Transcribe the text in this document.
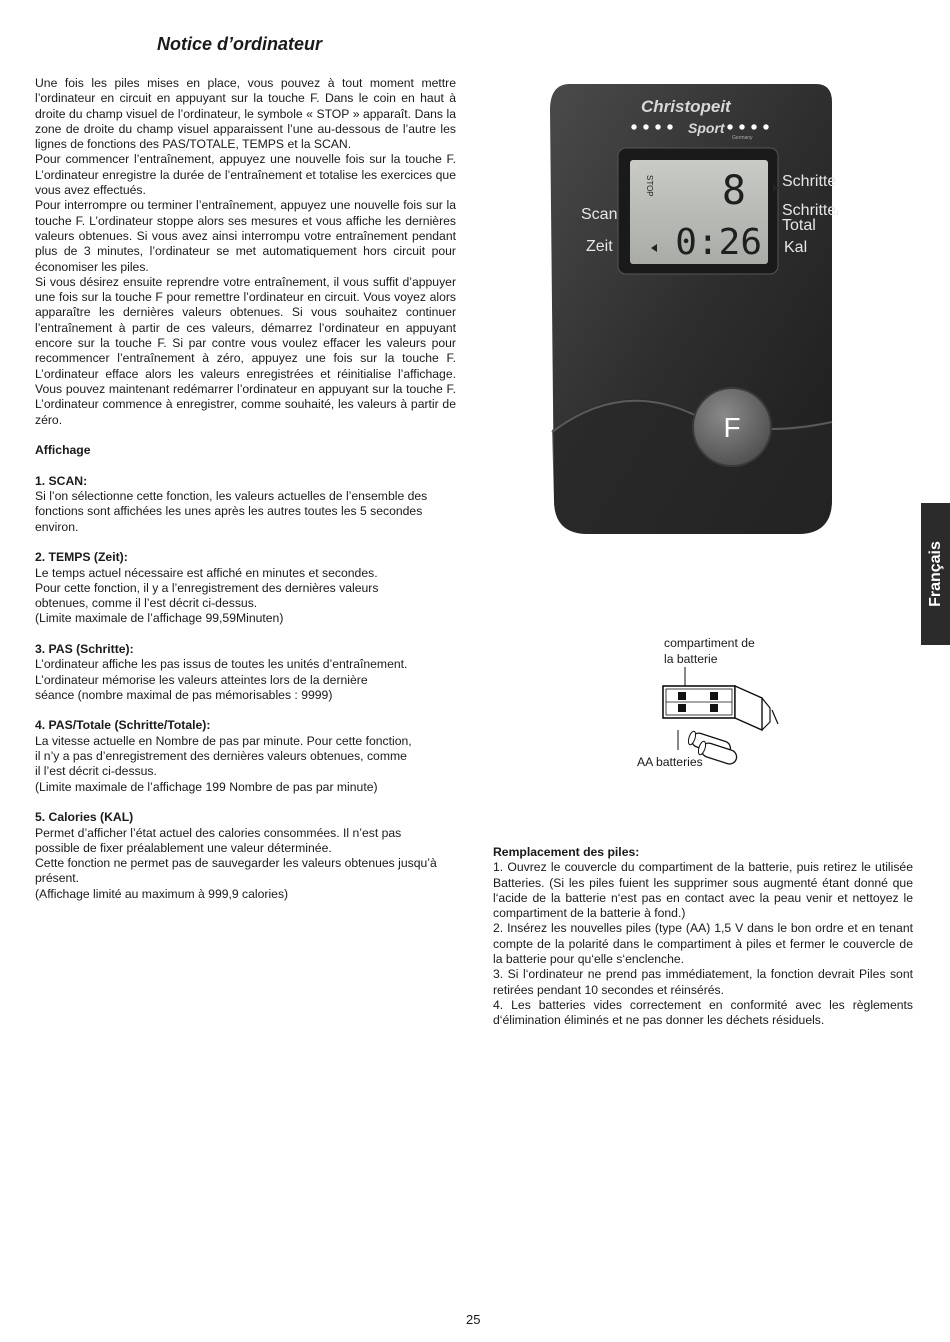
Notice d’ordinateur

Une fois les piles mises en place, vous pouvez à tout moment mettre l’ordinateur en circuit en appuyant sur la touche F. Dans le coin en haut à droite du champ visuel de l’ordinateur, le symbole « STOP » apparaît. Dans la zone de droite du champ visuel apparaissent l’une au-dessous de l’autre les lignes de fonctions des PAS/TOTALE, TEMPS et la SCAN.

Pour commencer l’entraînement, appuyez une nouvelle fois sur la touche F. L’ordinateur enregistre la durée de l’entraînement et totalise les exercices que vous avez effectués.

Pour interrompre ou terminer l’entraînement, appuyez une nouvelle fois sur la touche F. L’ordinateur stoppe alors ses mesures et vous affiche les dernières valeurs obtenues. Si vous avez ainsi interrompu votre entraînement pendant plus de 3 minutes, l’ordinateur se met automatiquement hors circuit pour économiser les piles.

Si vous désirez ensuite reprendre votre entraînement, il vous suffit d’appuyer une fois sur la touche F pour remettre l’ordinateur en circuit. Vous voyez alors apparaître les dernières valeurs obtenues. Si vous souhaitez continuer l’entraînement à partir de ces valeurs, démarrez l’ordinateur en appuyant encore sur la touche F. Si par contre vous voulez effacer les valeurs pour recommencer l’entraînement à zéro, appuyez une fois sur la touche F. L’ordinateur efface alors les valeurs enregistrées et réinitialise l’affichage. Vous pouvez maintenant redémarrer l’ordinateur en appuyant sur la touche F. L’ordinateur commence à enregistrer, comme souhaité, les valeurs à partir de zéro.

Affichage
1. SCAN:
Si l’on sélectionne cette fonction, les valeurs actuelles de l’ensemble des fonctions sont affichées les unes après les autres toutes les 5 secondes environ.
2. TEMPS (Zeit):
Le temps actuel nécessaire est affiché en minutes et secondes.
Pour cette fonction, il y a l’enregistrement des dernières valeurs
obtenues, comme il l’est décrit ci-dessus.
(Limite maximale de l’affichage 99,59Minuten)
3. PAS (Schritte):
L’ordinateur affiche les pas issus de toutes les unités d’entraînement.
L’ordinateur mémorise les valeurs atteintes lors de la dernière
séance (nombre maximal de pas mémorisables : 9999)
4. PAS/Totale (Schritte/Totale):
La vitesse actuelle en Nombre de pas par minute. Pour cette fonction,
il n’y a pas d’enregistrement des dernières valeurs obtenues, comme
il l’est décrit ci-dessus.
(Limite maximale de l’affichage 199 Nombre de pas par minute)
5. Calories (KAL)
Permet d’afficher l’état actuel des calories consommées. Il n’est pas
possible de fixer préalablement une valeur déterminée.
Cette fonction ne permet pas de sauvegarder les valeurs obtenues jusqu’à
présent.
(Affichage limité au maximum à 999,9 calories)
Christopeit
Sport
Germany
STOP 8
0:26
Scan
Zeit
Schritte
Schritte/
Total
Kal
F
Français
compartiment de
la batterie
AA batteries
Remplacement des piles:

1. Ouvrez le couvercle du compartiment de la batterie, puis retirez le utilisée Batteries. (Si les piles fuient les supprimer sous augmenté étant donné que l‘acide de la batterie n‘est pas en contact avec la peau venir et nettoyez le compartiment de la batterie à fond.)

2. Insérez les nouvelles piles (type (AA) 1,5 V dans le bon ordre et en tenant compte de la polarité dans le compartiment à piles et fermer le couvercle de la batterie pour qu‘elle s‘enclenche.

3. Si l‘ordinateur ne prend pas immédiatement, la fonction devrait Piles sont retirées pendant 10 secondes et réinsérés.

4. Les batteries vides correctement en conformité avec les règlements d‘élimination éliminés et ne pas donner les déchets résiduels.

25
